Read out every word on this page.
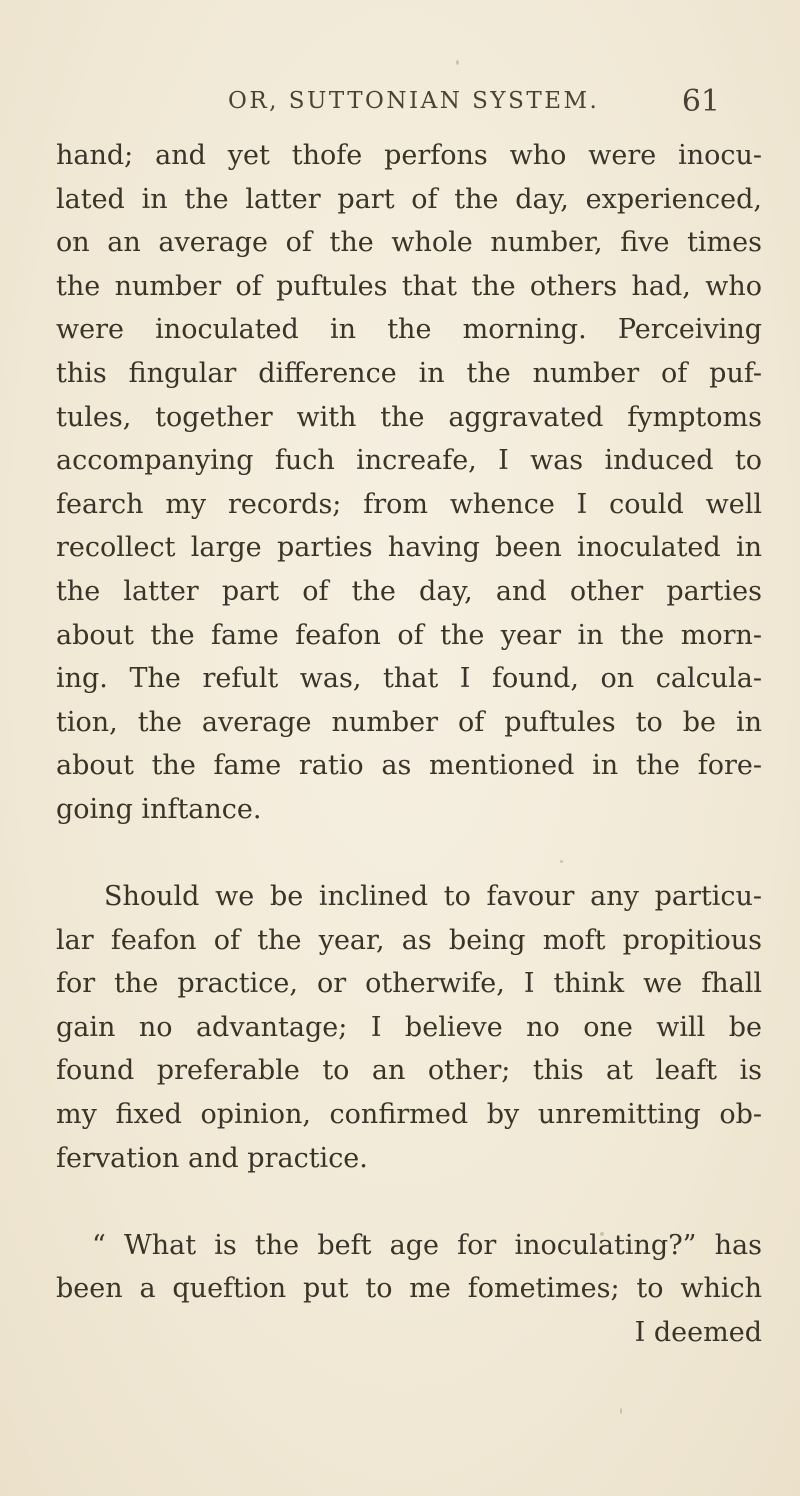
OR, SUTTONIAN SYSTEM.	61
hand; and yet thofe perfons who were inocu-
lated in the latter part of the day, experienced,
on an average of the whole number, five times
the number of puftules that the others had, who
were inoculated in the morning. Perceiving
this fingular difference in the number of puf-
tules, together with the aggravated fymptoms
accompanying fuch increafe, I was induced to
fearch my records; from whence I could well
recollect large parties having been inoculated in
the latter part of the day, and other parties
about the fame feafon of the year in the morn-
ing. The refult was, that I found, on calcula-
tion, the average number of puftules to be in
about the fame ratio as mentioned in the fore-
going inftance.
Should we be inclined to favour any particu-
lar feafon of the year, as being moft propitious
for the practice, or otherwife, I think we fhall
gain no advantage; I believe no one will be
found preferable to an other; this at leaft is
my fixed opinion, confirmed by unremitting ob-
fervation and practice.
“ What is the beft age for inoculating?” has
been a queftion put to me fometimes; to which
I deemed
